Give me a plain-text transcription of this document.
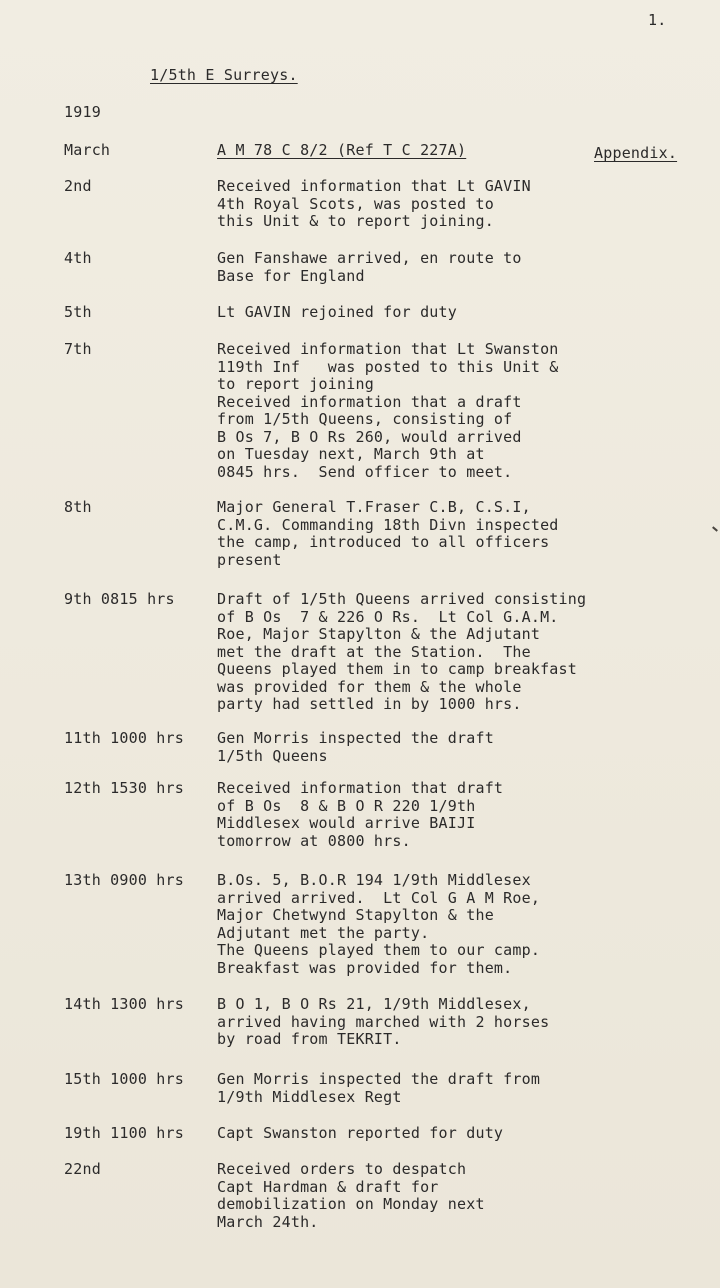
1.
1/5th E Surreys.
1919
March	A M 78 C 8/2 (Ref T C 227A)	Appendix.
2nd	Received information that Lt GAVIN
4th Royal Scots, was posted to
this Unit & to report joining.
4th	Gen Fanshawe arrived, en route to
Base for England
5th	Lt GAVIN rejoined for duty
7th	Received information that Lt Swanston
119th Inf   was posted to this Unit &
to report joining
Received information that a draft
from 1/5th Queens, consisting of
B Os 7, B O Rs 260, would arrived
on Tuesday next, March 9th at
0845 hrs.  Send officer to meet.
8th	Major General T.Fraser C.B, C.S.I,
C.M.G. Commanding 18th Divn inspected
the camp, introduced to all officers
present
9th 0815 hrs	Draft of 1/5th Queens arrived consisting
of B Os  7 & 226 O Rs.  Lt Col G.A.M.
Roe, Major Stapylton & the Adjutant
met the draft at the Station.  The
Queens played them in to camp breakfast
was provided for them & the whole
party had settled in by 1000 hrs.
11th 1000 hrs Gen Morris inspected the draft
1/5th Queens
12th 1530 hrs Received information that draft
of B Os  8 & B O R 220 1/9th
Middlesex would arrive BAIJI
tomorrow at 0800 hrs.
13th 0900 hrs B.Os. 5, B.O.R 194 1/9th Middlesex
arrived arrived.  Lt Col G A M Roe,
Major Chetwynd Stapylton & the
Adjutant met the party.
The Queens played them to our camp.
Breakfast was provided for them.
14th 1300 hrs B O 1, B O Rs 21, 1/9th Middlesex,
arrived having marched with 2 horses
by road from TEKRIT.
15th 1000 hrs Gen Morris inspected the draft from
1/9th Middlesex Regt
19th 1100 hrs Capt Swanston reported for duty
22nd	Received orders to despatch
Capt Hardman & draft for
demobilization on Monday next
March 24th.
